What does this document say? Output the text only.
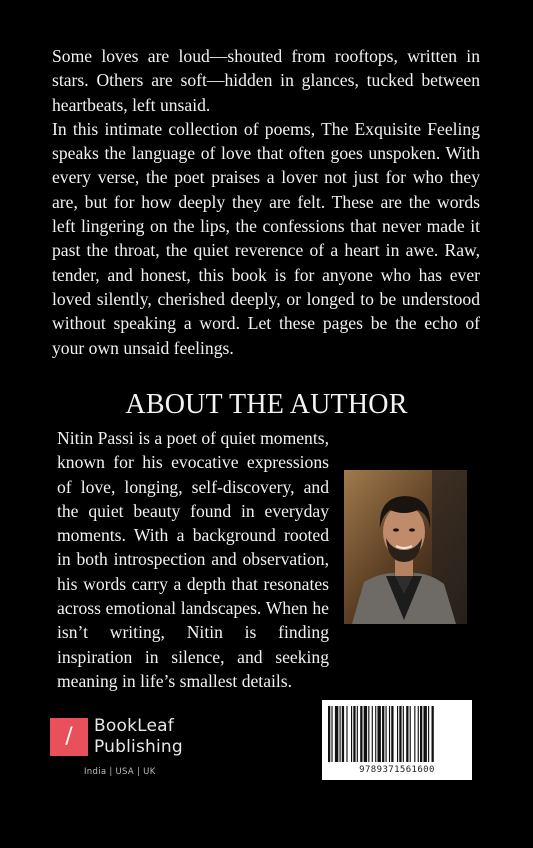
Some loves are loud—shouted from rooftops, written in stars. Others are soft—hidden in glances, tucked between heartbeats, left unsaid.

In this intimate collection of poems, The Exquisite Feeling speaks the language of love that often goes unspoken. With every verse, the poet praises a lover not just for who they are, but for how deeply they are felt. These are the words left lingering on the lips, the confessions that never made it past the throat, the quiet reverence of a heart in awe. Raw, tender, and honest, this book is for anyone who has ever loved silently, cherished deeply, or longed to be understood without speaking a word. Let these pages be the echo of your own unsaid feelings.

ABOUT THE AUTHOR

Nitin Passi is a poet of quiet moments, known for his evocative expressions of love, longing, self-discovery, and the quiet beauty found in everyday moments. With a background rooted in both introspection and observation, his words carry a depth that resonates across emotional landscapes. When he isn’t writing, Nitin is finding inspiration in silence, and seeking meaning in life’s smallest details.

/	BookLeaf
Publishing
India | USA | UK	9789371561600
